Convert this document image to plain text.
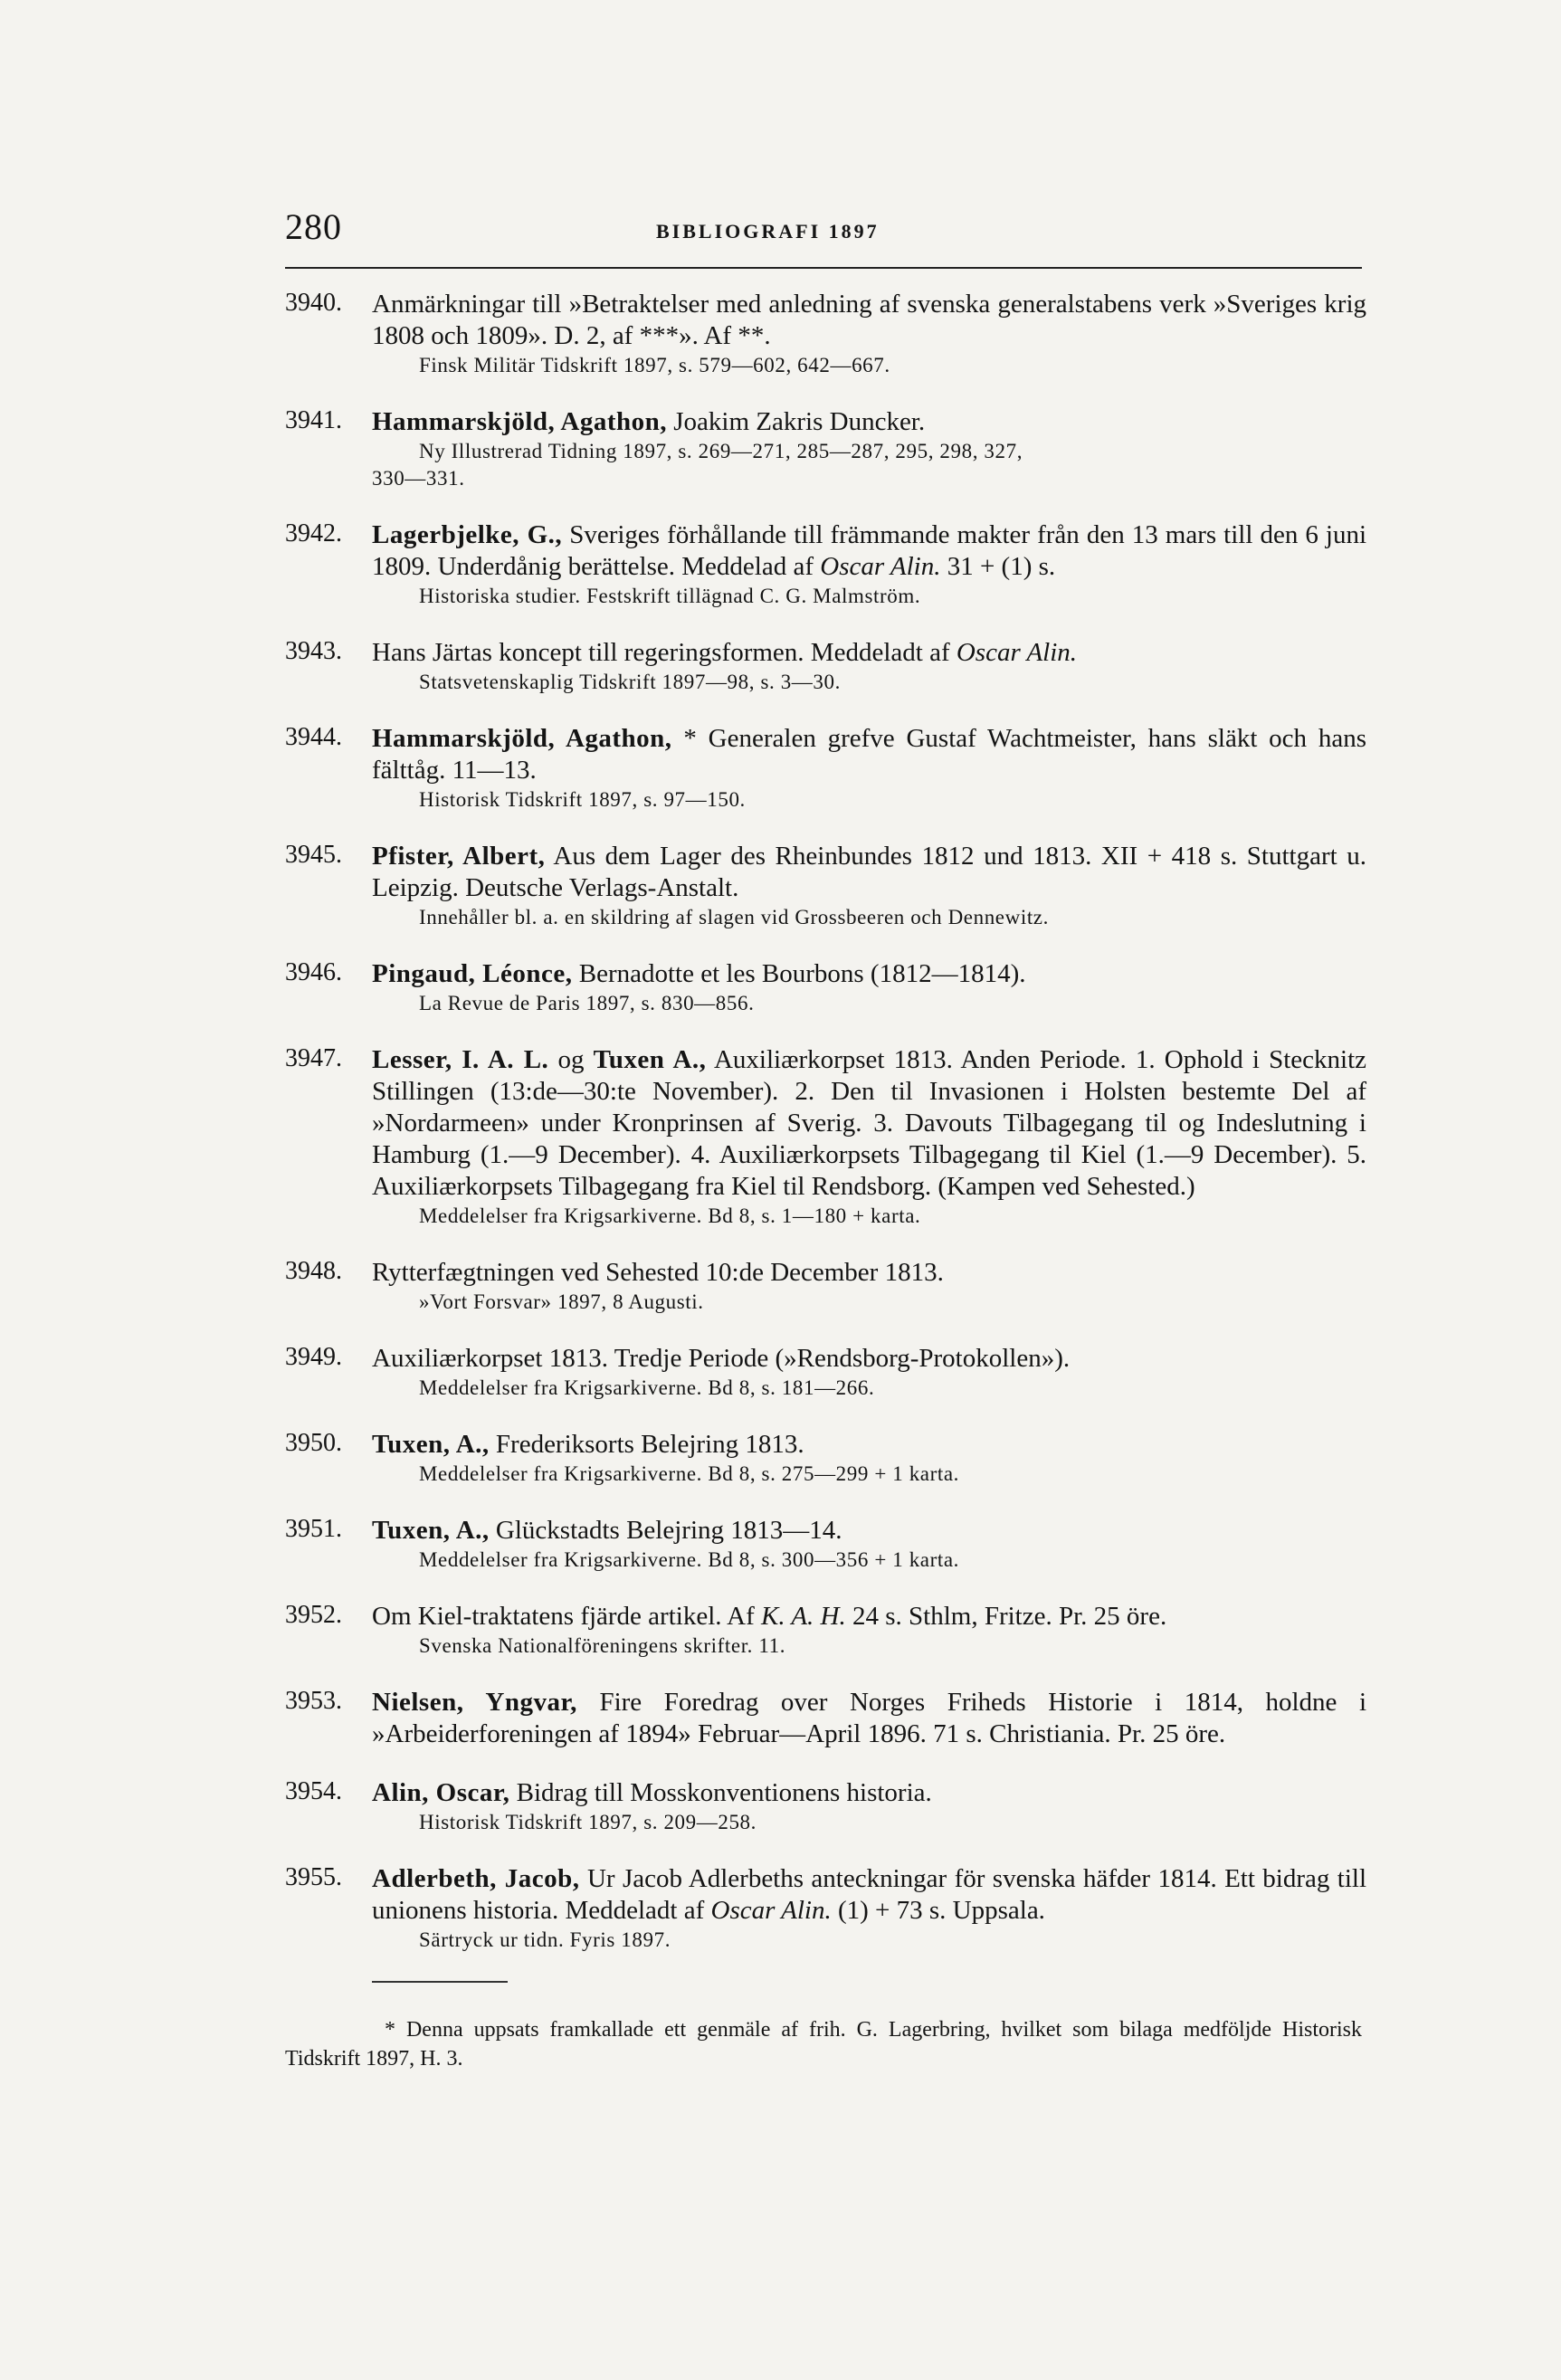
280	BIBLIOGRAFI 1897
3940. Anmärkningar till »Betraktelser med anledning af svenska generalstabens verk »Sveriges krig 1808 och 1809». D. 2, af ***». Af **.
Finsk Militär Tidskrift 1897, s. 579—602, 642—667.
3941. Hammarskjöld, Agathon, Joakim Zakris Duncker.
Ny Illustrerad Tidning 1897, s. 269—271, 285—287, 295, 298, 327,
330—331.
3942. Lagerbjelke, G., Sveriges förhållande till främmande makter från den 13 mars till den 6 juni 1809. Underdånig berättelse. Meddelad af Oscar Alin. 31 + (1) s.
Historiska studier. Festskrift tillägnad C. G. Malmström.
3943. Hans Järtas koncept till regeringsformen. Meddeladt af Oscar Alin.
Statsvetenskaplig Tidskrift 1897—98, s. 3—30.
3944. Hammarskjöld, Agathon, * Generalen grefve Gustaf Wachtmeister, hans släkt och hans fälttåg. 11—13.
Historisk Tidskrift 1897, s. 97—150.
3945. Pfister, Albert, Aus dem Lager des Rheinbundes 1812 und 1813. XII + 418 s. Stuttgart u. Leipzig. Deutsche Verlags-Anstalt.
Innehåller bl. a. en skildring af slagen vid Grossbeeren och Dennewitz.
3946. Pingaud, Léonce, Bernadotte et les Bourbons (1812—1814).
La Revue de Paris 1897, s. 830—856.
3947. Lesser, I. A. L. og Tuxen A., Auxiliærkorpset 1813. Anden Periode. 1. Ophold i Stecknitz Stillingen (13:de—30:te November). 2. Den til Invasionen i Holsten bestemte Del af »Nordarmeen» under Kronprinsen af Sverig. 3. Davouts Tilbagegang til og Indeslutning i Hamburg (1.—9 December). 4. Auxiliærkorpsets Tilbagegang til Kiel (1.—9 December). 5. Auxiliærkorpsets Tilbagegang fra Kiel til Rendsborg. (Kampen ved Sehested.)
Meddelelser fra Krigsarkiverne. Bd 8, s. 1—180 + karta.
3948. Rytterfægtningen ved Sehested 10:de December 1813.
»Vort Forsvar» 1897, 8 Augusti.
3949. Auxiliærkorpset 1813. Tredje Periode (»Rendsborg-Protokollen»).
Meddelelser fra Krigsarkiverne. Bd 8, s. 181—266.
3950. Tuxen, A., Frederiksorts Belejring 1813.
Meddelelser fra Krigsarkiverne. Bd 8, s. 275—299 + 1 karta.
3951. Tuxen, A., Glückstadts Belejring 1813—14.
Meddelelser fra Krigsarkiverne. Bd 8, s. 300—356 + 1 karta.
3952. Om Kiel-traktatens fjärde artikel. Af K. A. H. 24 s. Sthlm, Fritze. Pr. 25 öre.
Svenska Nationalföreningens skrifter. 11.
3953. Nielsen, Yngvar, Fire Foredrag over Norges Friheds Historie i 1814, holdne i »Arbeiderforeningen af 1894» Februar—April 1896. 71 s. Christiania. Pr. 25 öre.
3954. Alin, Oscar, Bidrag till Mosskonventionens historia.
Historisk Tidskrift 1897, s. 209—258.
3955. Adlerbeth, Jacob, Ur Jacob Adlerbeths anteckningar för svenska häfder 1814. Ett bidrag till unionens historia. Meddeladt af Oscar Alin. (1) + 73 s. Uppsala.
Särtryck ur tidn. Fyris 1897.
* Denna uppsats framkallade ett genmäle af frih. G. Lagerbring, hvilket som bilaga medföljde Historisk Tidskrift 1897, H. 3.
